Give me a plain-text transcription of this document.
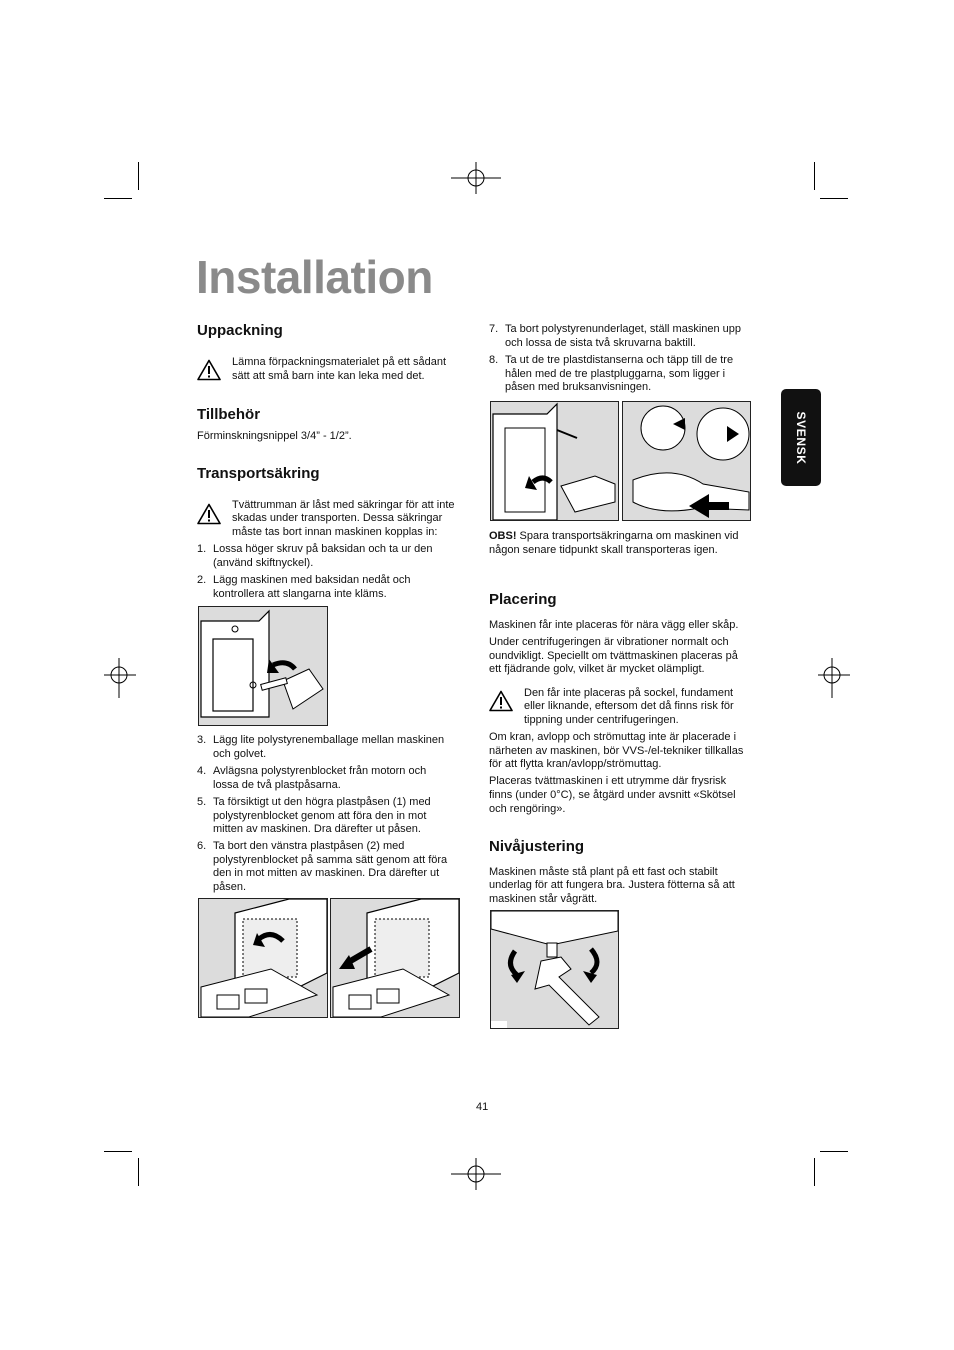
Installation
SVENSK
Uppackning
Lämna förpackningsmaterialet på ett sådant
sätt att små barn inte kan leka med det.
Tillbehör
Förminskningsnippel 3/4” - 1/2”.
Transportsäkring
Tvättrumman är låst med säkringar för att inte
skadas under transporten. Dessa säkringar
måste tas bort innan maskinen kopplas in:
1. Lossa höger skruv på baksidan och ta ur den
(använd skiftnyckel).
2. Lägg maskinen med baksidan nedåt och
kontrollera att slangarna inte kläms.
3. Lägg lite polystyrenemballage mellan maskinen
och golvet.
4. Avlägsna polystyrenblocket från motorn och
lossa de två plastpåsarna.
5. Ta försiktigt ut den högra plastpåsen (1) med
polystyrenblocket genom att föra den in mot
mitten av maskinen. Dra därefter ut påsen.
6. Ta bort den vänstra plastpåsen (2) med
polystyrenblocket på samma sätt genom att föra
den in mot mitten av maskinen. Dra därefter ut
påsen.
7. Ta bort polystyrenunderlaget, ställ maskinen upp
och lossa de sista två skruvarna baktill.
8. Ta ut de tre plastdistanserna och täpp till de tre
hålen med de tre plastpluggarna, som ligger i
påsen med bruksanvisningen.
OBS! Spara transportsäkringarna om maskinen vid
någon senare tidpunkt skall transporteras igen.
Placering
Maskinen får inte placeras för nära vägg eller skåp.
Under centrifugeringen är vibrationer normalt och
oundvikligt. Speciellt om tvättmaskinen placeras på
ett fjädrande golv, vilket är mycket olämpligt.
Den får inte placeras på sockel, fundament
eller liknande, eftersom det då finns risk för
tippning under centrifugeringen.
Om kran, avlopp och strömuttag inte är placerade i
närheten av maskinen, bör VVS-/el-tekniker tillkallas
för att flytta kran/avlopp/strömuttag.
Placeras tvättmaskinen i ett utrymme där frysrisk
finns (under 0°C), se åtgärd under avsnitt «Skötsel
och rengöring».
Nivåjustering
Maskinen måste stå plant på ett fast och stabilt
underlag för att fungera bra. Justera fötterna så att
maskinen står vågrätt.
41
